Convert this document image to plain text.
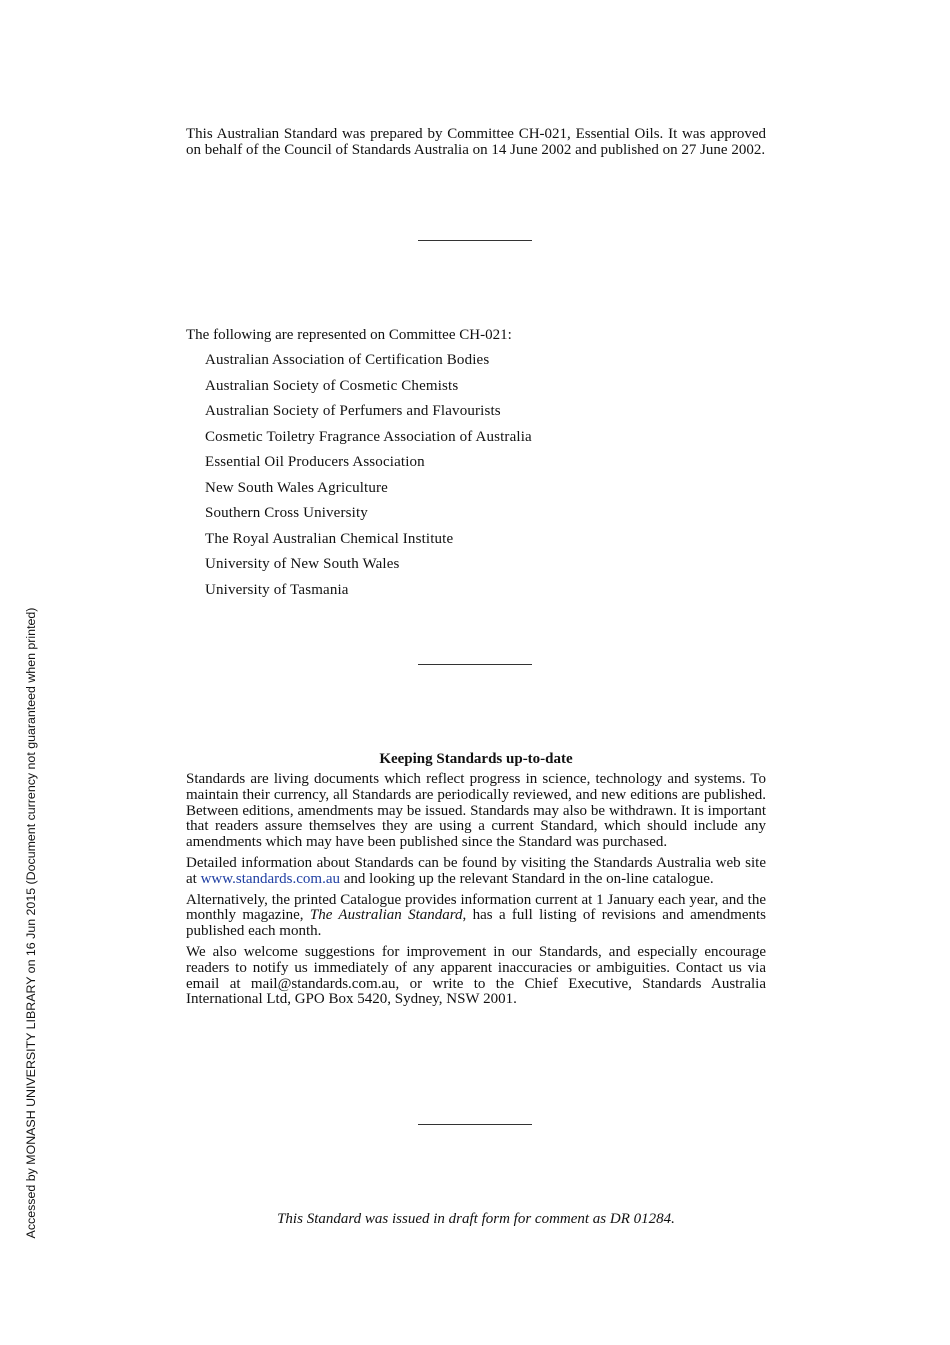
This Australian Standard was prepared by Committee CH-021, Essential Oils. It was approved on behalf of the Council of Standards Australia on 14 June 2002 and published on 27 June 2002.

The following are represented on Committee CH-021:

Australian Association of Certification Bodies
Australian Society of Cosmetic Chemists
Australian Society of Perfumers and Flavourists
Cosmetic Toiletry Fragrance Association of Australia
Essential Oil Producers Association
New South Wales Agriculture
Southern Cross University
The Royal Australian Chemical Institute
University of New South Wales
University of Tasmania

Keeping Standards up-to-date

Standards are living documents which reflect progress in science, technology and systems. To maintain their currency, all Standards are periodically reviewed, and new editions are published. Between editions, amendments may be issued. Standards may also be withdrawn. It is important that readers assure themselves they are using a current Standard, which should include any amendments which may have been published since the Standard was purchased.

Detailed information about Standards can be found by visiting the Standards Australia web site at www.standards.com.au and looking up the relevant Standard in the on-line catalogue.

Alternatively, the printed Catalogue provides information current at 1 January each year, and the monthly magazine, The Australian Standard, has a full listing of revisions and amendments published each month.

We also welcome suggestions for improvement in our Standards, and especially encourage readers to notify us immediately of any apparent inaccuracies or ambiguities. Contact us via email at mail@standards.com.au, or write to the Chief Executive, Standards Australia International Ltd, GPO Box 5420, Sydney, NSW 2001.

This Standard was issued in draft form for comment as DR 01284.

Accessed by MONASH UNIVERSITY LIBRARY on 16 Jun 2015 (Document currency not guaranteed when printed)
